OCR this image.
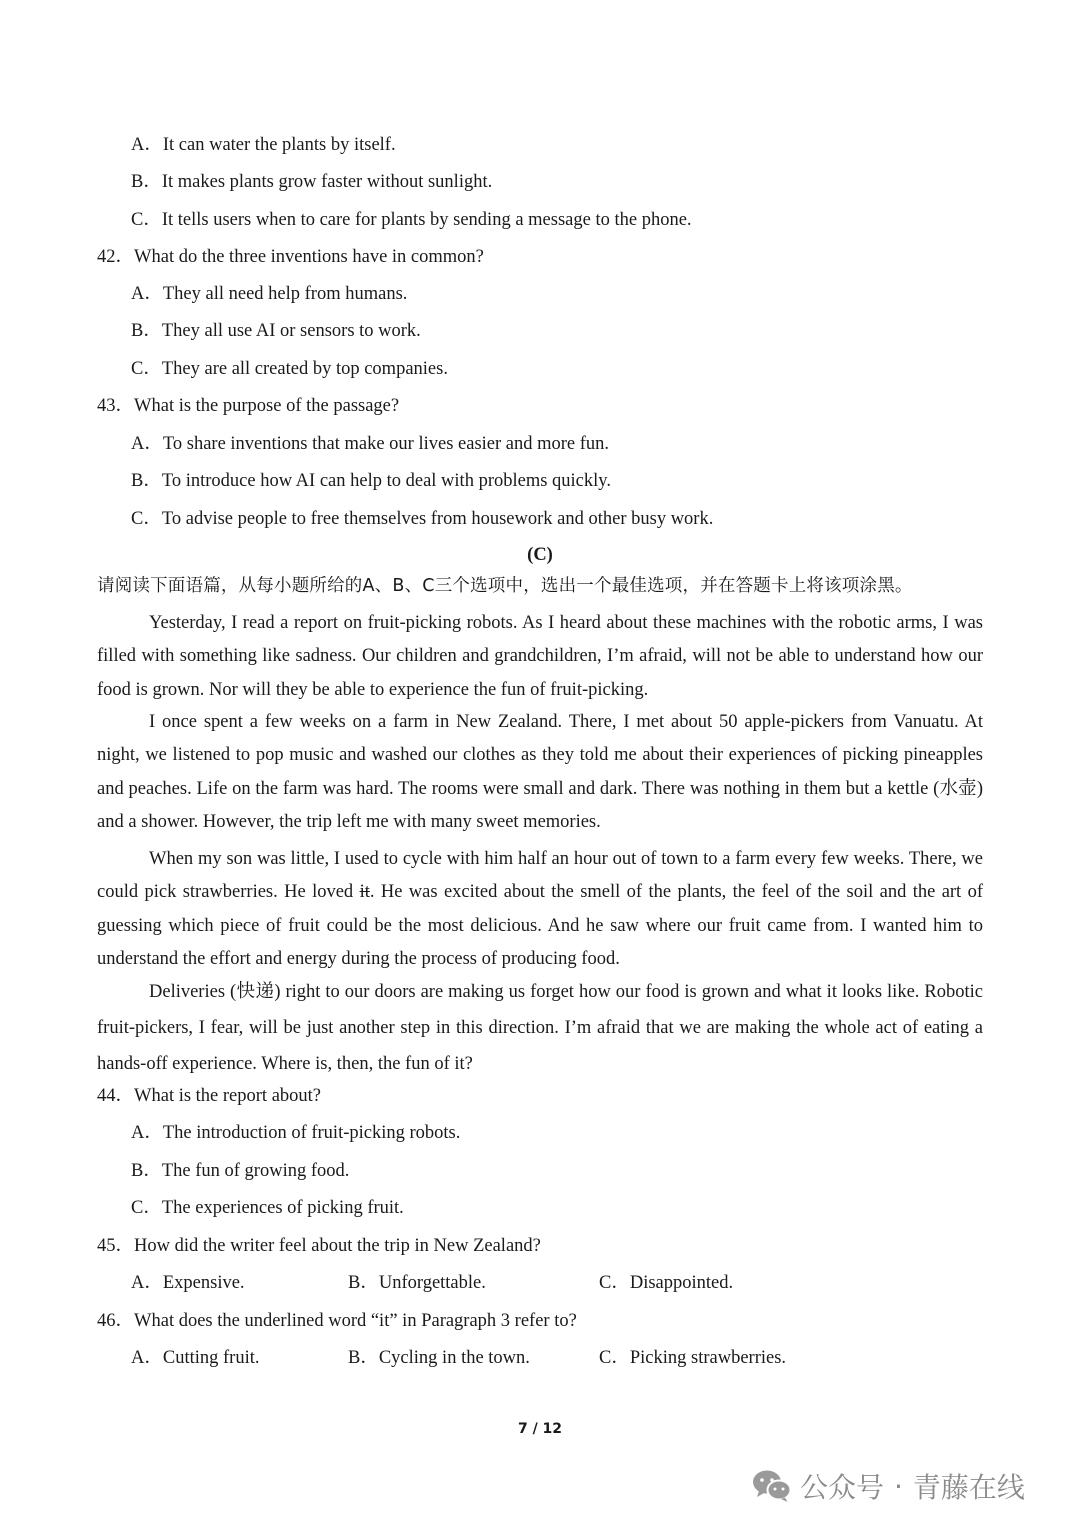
A．It can water the plants by itself.
B．It makes plants grow faster without sunlight.
C．It tells users when to care for plants by sending a message to the phone.
42．What do the three inventions have in common?
A．They all need help from humans.
B．They all use AI or sensors to work.
C．They are all created by top companies.
43．What is the purpose of the passage?
A．To share inventions that make our lives easier and more fun.
B．To introduce how AI can help to deal with problems quickly.
C．To advise people to free themselves from housework and other busy work.
(C)
请阅读下面语篇，从每小题所给的A、B、C三个选项中，选出一个最佳选项，并在答题卡上将该项涂黑。
Yesterday, I read a report on fruit-picking robots. As I heard about these machines with the robotic arms, I was filled with something like sadness. Our children and grandchildren, I’m afraid, will not be able to understand how our food is grown. Nor will they be able to experience the fun of fruit-picking.
I once spent a few weeks on a farm in New Zealand. There, I met about 50 apple-pickers from Vanuatu. At night, we listened to pop music and washed our clothes as they told me about their experiences of picking pineapples and peaches. Life on the farm was hard. The rooms were small and dark. There was nothing in them but a kettle (水壶) and a shower. However, the trip left me with many sweet memories.
When my son was little, I used to cycle with him half an hour out of town to a farm every few weeks. There, we could pick strawberries. He loved it. He was excited about the smell of the plants, the feel of the soil and the art of guessing which piece of fruit could be the most delicious. And he saw where our fruit came from. I wanted him to understand the effort and energy during the process of producing food.
Deliveries (快递) right to our doors are making us forget how our food is grown and what it looks like. Robotic fruit-pickers, I fear, will be just another step in this direction. I’m afraid that we are making the whole act of eating a hands-off experience. Where is, then, the fun of it?
44．What is the report about?
A．The introduction of fruit-picking robots.
B．The fun of growing food.
C．The experiences of picking fruit.
45．How did the writer feel about the trip in New Zealand?
A．Expensive.	B．Unforgettable.	C．Disappointed.
46．What does the underlined word “it” in Paragraph 3 refer to?
A．Cutting fruit.	B．Cycling in the town.	C．Picking strawberries.
7 / 12
公众号 · 青藤在线
